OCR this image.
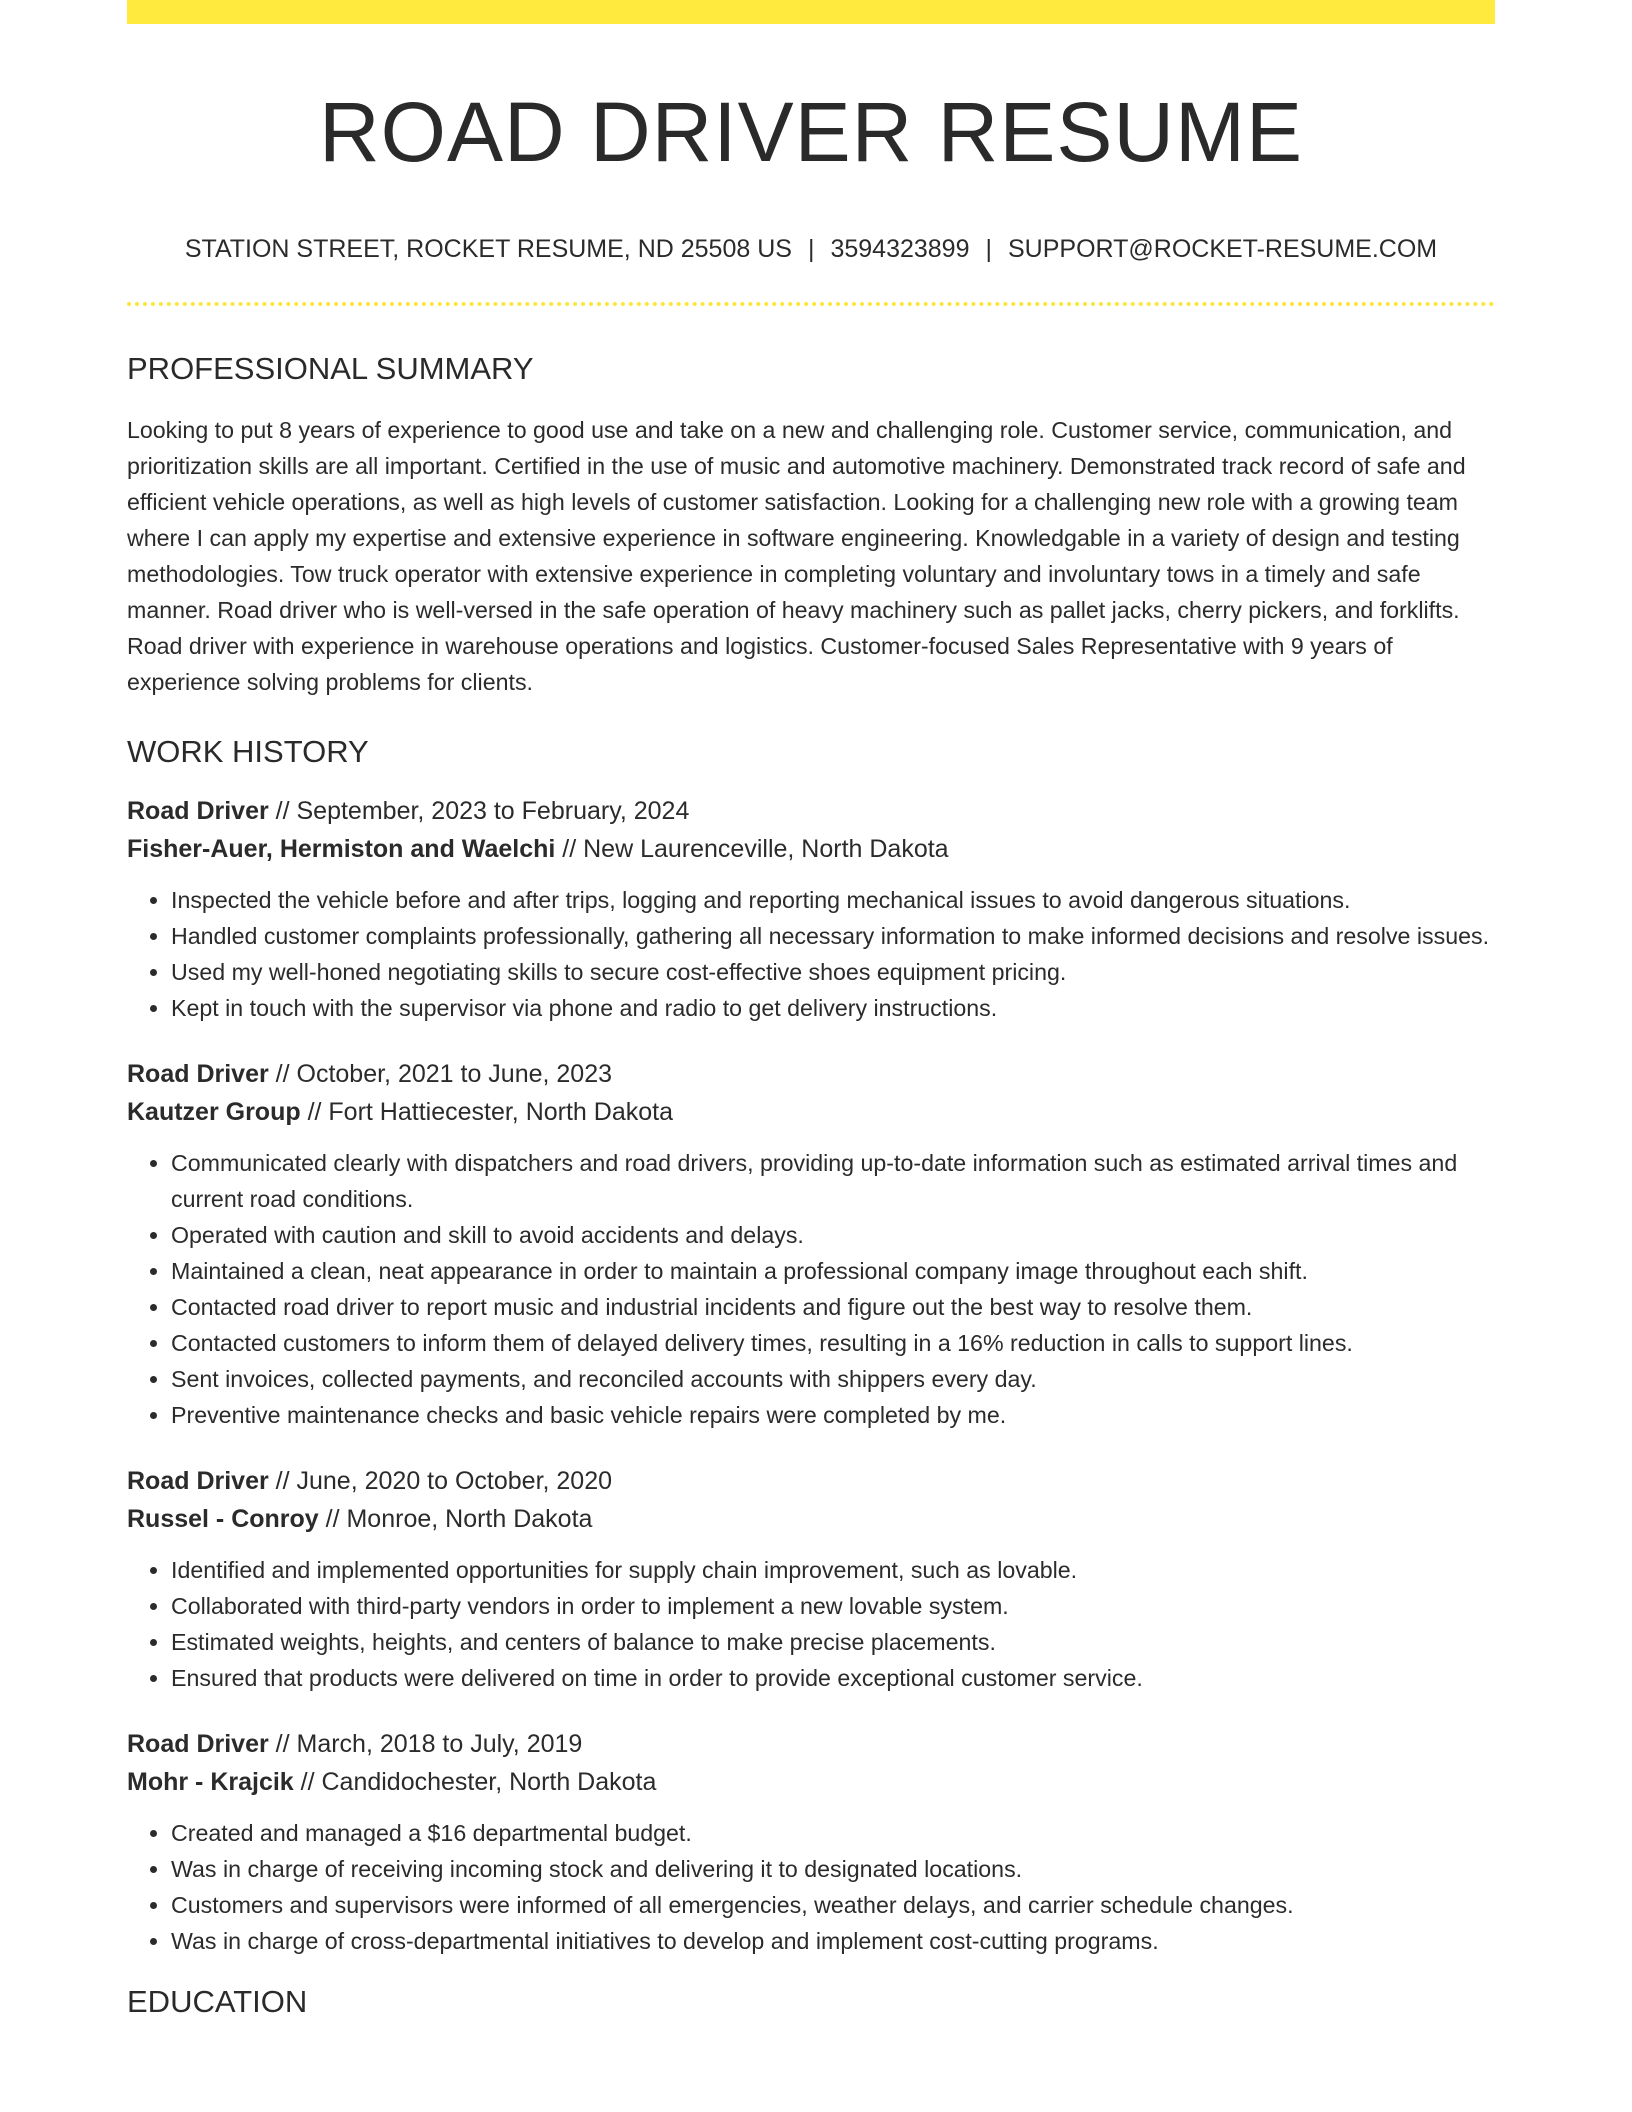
ROAD DRIVER RESUME
STATION STREET, ROCKET RESUME, ND 25508 US | 3594323899 | SUPPORT@ROCKET-RESUME.COM
PROFESSIONAL SUMMARY
Looking to put 8 years of experience to good use and take on a new and challenging role. Customer service, communication, and prioritization skills are all important. Certified in the use of music and automotive machinery. Demonstrated track record of safe and efficient vehicle operations, as well as high levels of customer satisfaction. Looking for a challenging new role with a growing team where I can apply my expertise and extensive experience in software engineering. Knowledgable in a variety of design and testing methodologies. Tow truck operator with extensive experience in completing voluntary and involuntary tows in a timely and safe manner. Road driver who is well-versed in the safe operation of heavy machinery such as pallet jacks, cherry pickers, and forklifts. Road driver with experience in warehouse operations and logistics. Customer-focused Sales Representative with 9 years of experience solving problems for clients.
WORK HISTORY
Road Driver // September, 2023 to February, 2024
Fisher-Auer, Hermiston and Waelchi // New Laurenceville, North Dakota
• Inspected the vehicle before and after trips, logging and reporting mechanical issues to avoid dangerous situations.
• Handled customer complaints professionally, gathering all necessary information to make informed decisions and resolve issues.
• Used my well-honed negotiating skills to secure cost-effective shoes equipment pricing.
• Kept in touch with the supervisor via phone and radio to get delivery instructions.
Road Driver // October, 2021 to June, 2023
Kautzer Group // Fort Hattiecester, North Dakota
• Communicated clearly with dispatchers and road drivers, providing up-to-date information such as estimated arrival times and current road conditions.
• Operated with caution and skill to avoid accidents and delays.
• Maintained a clean, neat appearance in order to maintain a professional company image throughout each shift.
• Contacted road driver to report music and industrial incidents and figure out the best way to resolve them.
• Contacted customers to inform them of delayed delivery times, resulting in a 16% reduction in calls to support lines.
• Sent invoices, collected payments, and reconciled accounts with shippers every day.
• Preventive maintenance checks and basic vehicle repairs were completed by me.
Road Driver // June, 2020 to October, 2020
Russel - Conroy // Monroe, North Dakota
• Identified and implemented opportunities for supply chain improvement, such as lovable.
• Collaborated with third-party vendors in order to implement a new lovable system.
• Estimated weights, heights, and centers of balance to make precise placements.
• Ensured that products were delivered on time in order to provide exceptional customer service.
Road Driver // March, 2018 to July, 2019
Mohr - Krajcik // Candidochester, North Dakota
• Created and managed a $16 departmental budget.
• Was in charge of receiving incoming stock and delivering it to designated locations.
• Customers and supervisors were informed of all emergencies, weather delays, and carrier schedule changes.
• Was in charge of cross-departmental initiatives to develop and implement cost-cutting programs.
EDUCATION
